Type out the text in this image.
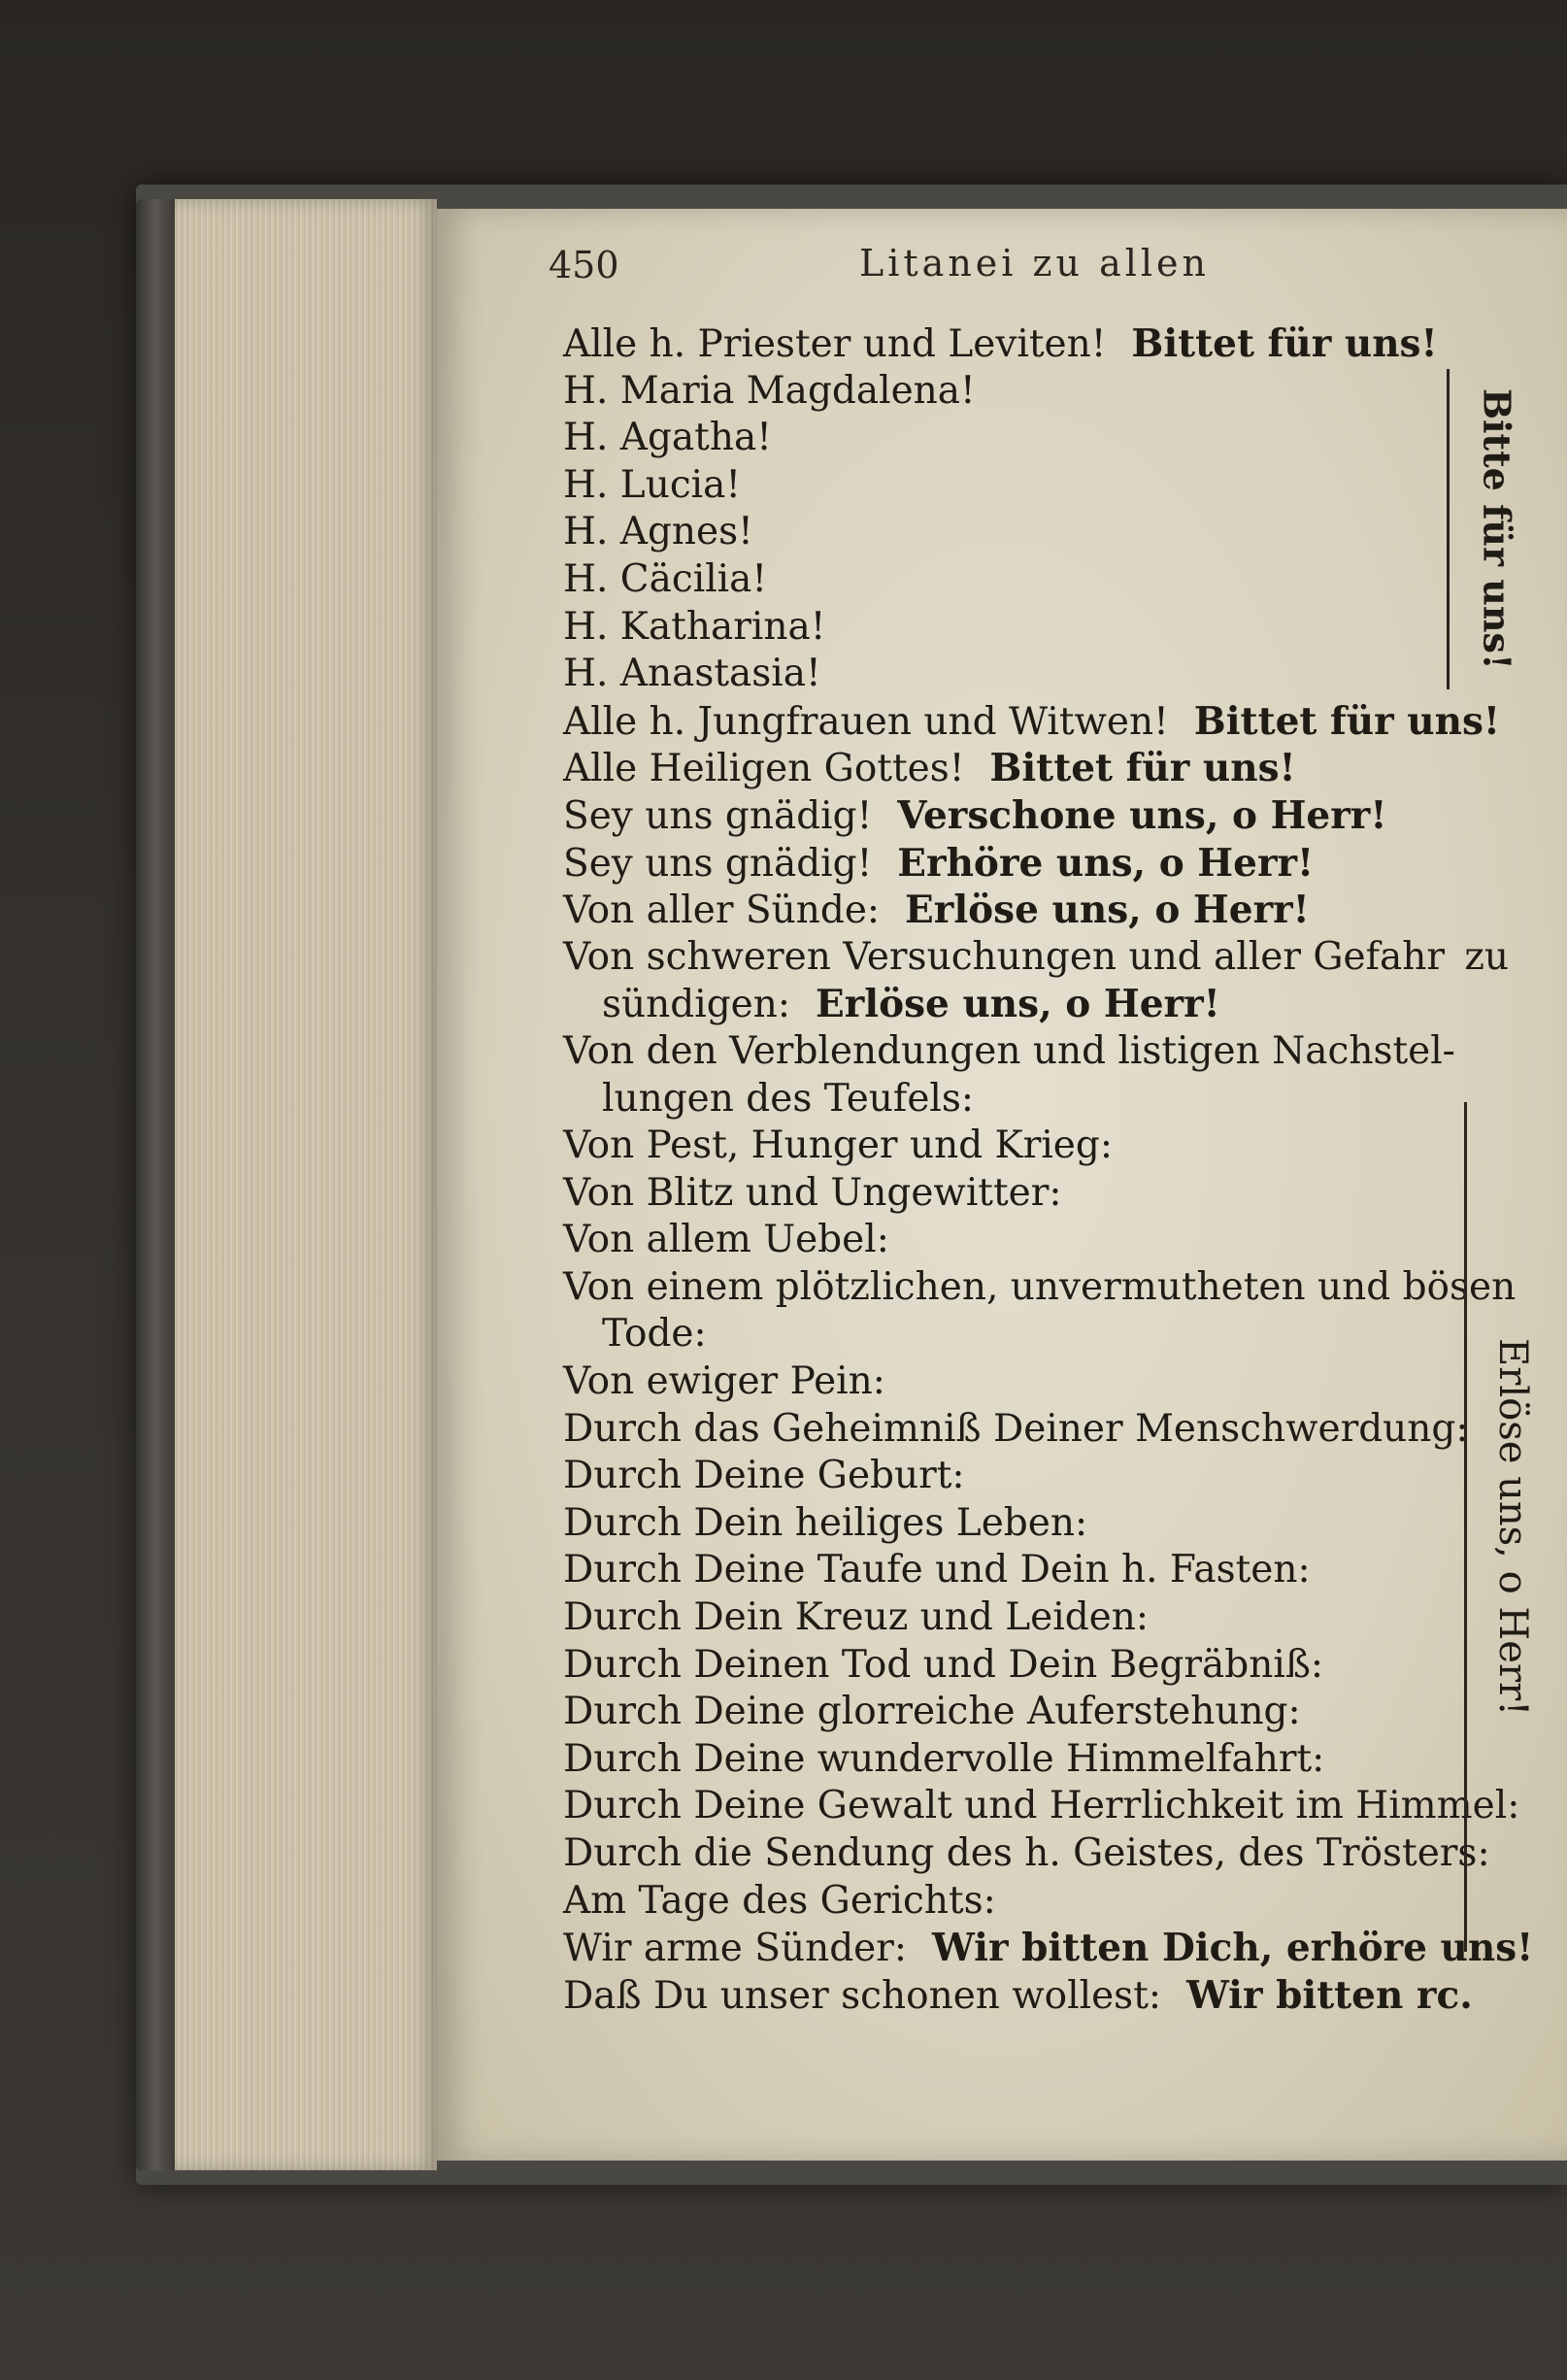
450	Litanei zu allen
Alle h. Priester und Leviten! Bittet für uns!
H. Maria Magdalena!
H. Agatha!
H. Lucia!
H. Agnes!
H. Cäcilia!
H. Katharina!
H. Anastasia!
Alle h. Jungfrauen und Witwen! Bittet für uns!
Alle Heiligen Gottes! Bittet für uns!
Sey uns gnädig! Verschone uns, o Herr!
Sey uns gnädig! Erhöre uns, o Herr!
Von aller Sünde: Erlöse uns, o Herr!
Von schweren Versuchungen und aller Gefahr zu
sündigen: Erlöse uns, o Herr!
Von den Verblendungen und listigen Nachstel-
lungen des Teufels:
Von Pest, Hunger und Krieg:
Von Blitz und Ungewitter:
Von allem Uebel:
Von einem plötzlichen, unvermutheten und bösen
Tode:
Von ewiger Pein:
Durch das Geheimniß Deiner Menschwerdung:
Durch Deine Geburt:
Durch Dein heiliges Leben:
Durch Deine Taufe und Dein h. Fasten:
Durch Dein Kreuz und Leiden:
Durch Deinen Tod und Dein Begräbniß:
Durch Deine glorreiche Auferstehung:
Durch Deine wundervolle Himmelfahrt:
Durch Deine Gewalt und Herrlichkeit im Himmel:
Durch die Sendung des h. Geistes, des Trösters:
Am Tage des Gerichts:
Wir arme Sünder: Wir bitten Dich, erhöre uns!
Daß Du unser schonen wollest: Wir bitten rc.
Bitte für uns!
Erlöse uns, o Herr!
